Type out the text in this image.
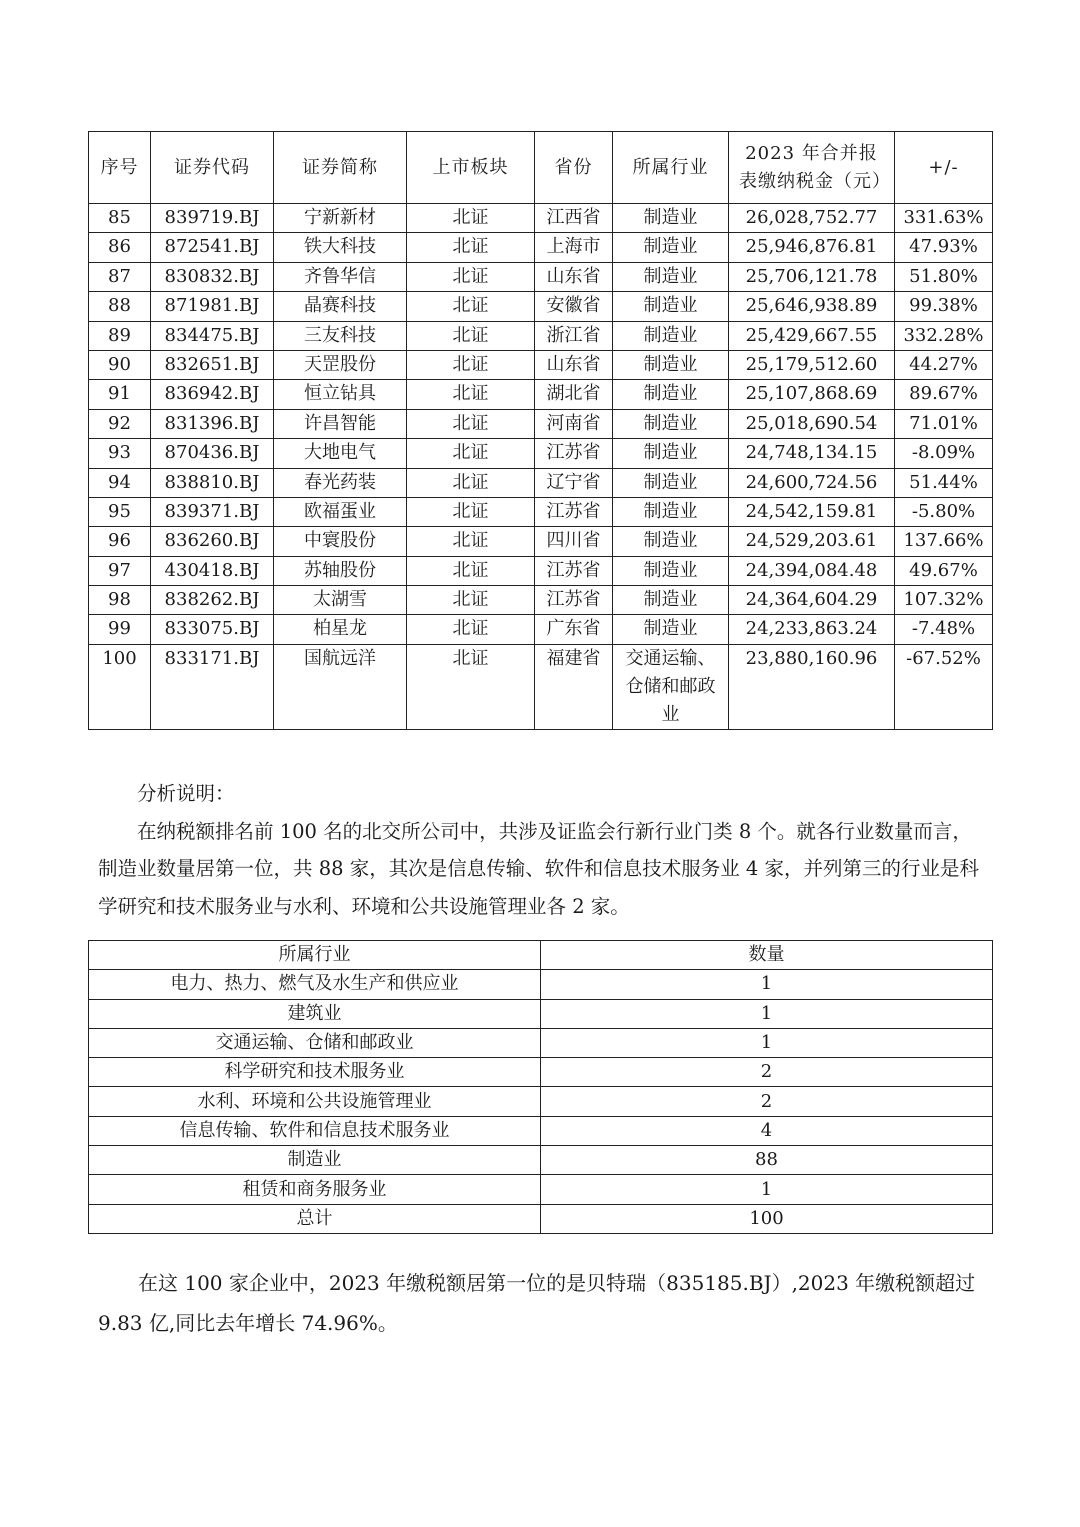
序号	证券代码	证券简称	上市板块	省份	所属行业	2023 年合并报表缴纳税金（元）	+/-
85	839719.BJ	宁新新材	北证	江西省	制造业	26,028,752.77	331.63%
86	872541.BJ	铁大科技	北证	上海市	制造业	25,946,876.81	47.93%
87	830832.BJ	齐鲁华信	北证	山东省	制造业	25,706,121.78	51.80%
88	871981.BJ	晶赛科技	北证	安徽省	制造业	25,646,938.89	99.38%
89	834475.BJ	三友科技	北证	浙江省	制造业	25,429,667.55	332.28%
90	832651.BJ	天罡股份	北证	山东省	制造业	25,179,512.60	44.27%
91	836942.BJ	恒立钻具	北证	湖北省	制造业	25,107,868.69	89.67%
92	831396.BJ	许昌智能	北证	河南省	制造业	25,018,690.54	71.01%
93	870436.BJ	大地电气	北证	江苏省	制造业	24,748,134.15	-8.09%
94	838810.BJ	春光药装	北证	辽宁省	制造业	24,600,724.56	51.44%
95	839371.BJ	欧福蛋业	北证	江苏省	制造业	24,542,159.81	-5.80%
96	836260.BJ	中寰股份	北证	四川省	制造业	24,529,203.61	137.66%
97	430418.BJ	苏轴股份	北证	江苏省	制造业	24,394,084.48	49.67%
98	838262.BJ	太湖雪	北证	江苏省	制造业	24,364,604.29	107.32%
99	833075.BJ	柏星龙	北证	广东省	制造业	24,233,863.24	-7.48%
100	833171.BJ	国航远洋	北证	福建省	交通运输、仓储和邮政业	23,880,160.96	-67.52%

分析说明：

在纳税额排名前 100 名的北交所公司中，共涉及证监会行新行业门类 8 个。就各行业数量而言，制造业数量居第一位，共 88 家，其次是信息传输、软件和信息技术服务业 4 家，并列第三的行业是科学研究和技术服务业与水利、环境和公共设施管理业各 2 家。

所属行业	数量
电力、热力、燃气及水生产和供应业	1
建筑业	1
交通运输、仓储和邮政业	1
科学研究和技术服务业	2
水利、环境和公共设施管理业	2
信息传输、软件和信息技术服务业	4
制造业	88
租赁和商务服务业	1
总计	100

在这 100 家企业中，2023 年缴税额居第一位的是贝特瑞（835185.BJ）,2023 年缴税额超过 9.83 亿,同比去年增长 74.96%。
